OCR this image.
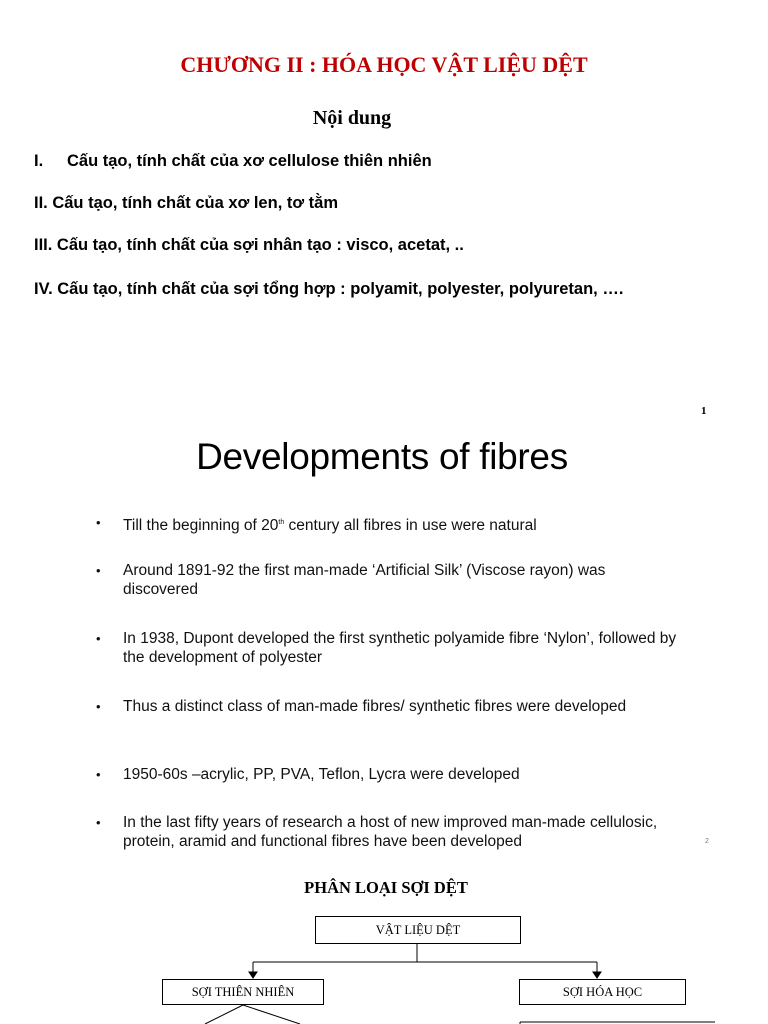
CHƯƠNG II : HÓA HỌC VẬT LIỆU DỆT
Nội dung
I. Cấu tạo, tính chất của xơ cellulose thiên nhiên
II. Cấu tạo, tính chất của xơ len, tơ tằm
III. Cấu tạo, tính chất của sợi nhân tạo : visco, acetat, ..
IV. Cấu tạo, tính chất của sợi tổng hợp : polyamit, polyester, polyuretan, ….
1
Developments of fibres
• Till the beginning of 20th century all fibres in use were natural
• Around 1891-92 the first man-made ‘Artificial Silk’ (Viscose rayon) was discovered
• In 1938, Dupont developed the first synthetic polyamide fibre ‘Nylon’, followed by the development of polyester
• Thus a distinct class of man-made fibres/ synthetic fibres were developed
• 1950-60s –acrylic, PP, PVA, Teflon, Lycra were developed
• In the last fifty years of research a host of new improved man-made cellulosic, protein, aramid and functional fibres have been developed	2
PHÂN LOẠI SỢI DỆT
VẬT LIỆU DỆT
SỢI THIÊN NHIÊN	SỢI HÓA HỌC
